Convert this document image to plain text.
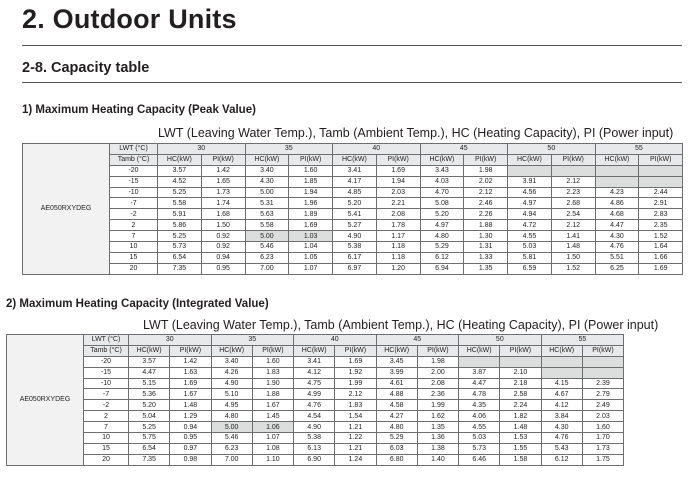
2. Outdoor Units
2-8. Capacity table
1) Maximum Heating Capacity (Peak Value)
LWT (Leaving Water Temp.), Tamb (Ambient Temp.), HC (Heating Capacity), PI (Power input)
AE050RXYDEG	LWT (°C)	30		35		40		45		50		55	
	Tamb (°C)	HC(kW)	PI(kW)	HC(kW)	PI(kW)	HC(kW)	PI(kW)	HC(kW)	PI(kW)	HC(kW)	PI(kW)	HC(kW)	PI(kW)
	-20	3.57	1.42	3.40	1.60	3.41	1.69	3.43	1.98				
	-15	4.52	1.65	4.30	1.85	4.17	1.94	4.03	2.02	3.91	2.12		
	-10	5.25	1.73	5.00	1.94	4.85	2.03	4.70	2.12	4.56	2.23	4.23	2.44
	-7	5.58	1.74	5.31	1.96	5.20	2.21	5.08	2.46	4.97	2.68	4.86	2.91
	-2	5.91	1.68	5.63	1.89	5.41	2.08	5.20	2.26	4.94	2.54	4.68	2.83
	2	5.86	1.50	5.58	1.69	5.27	1.78	4.97	1.88	4.72	2.12	4.47	2.35
	7	5.25	0.92	5.00	1.03	4.90	1.17	4.80	1.30	4.55	1.41	4.30	1.52
	10	5.73	0.92	5.46	1.04	5.38	1.18	5.29	1.31	5.03	1.48	4.76	1.64
	15	6.54	0.94	6.23	1.05	6.17	1.18	6.12	1.33	5.81	1.50	5.51	1.66
	20	7.35	0.95	7.00	1.07	6.97	1.20	6.94	1.35	6.59	1.52	6.25	1.69
2) Maximum Heating Capacity (Integrated Value)
LWT (Leaving Water Temp.), Tamb (Ambient Temp.), HC (Heating Capacity), PI (Power input)
AE050RXYDEG	LWT (°C)	30		35		40		45		50		55	
	Tamb (°C)	HC(kW)	PI(kW)	HC(kW)	PI(kW)	HC(kW)	PI(kW)	HC(kW)	PI(kW)	HC(kW)	PI(kW)	HC(kW)	PI(kW)
	-20	3.57	1.42	3.40	1.60	3.41	1.69	3.45	1.98				
	-15	4.47	1.63	4.26	1.83	4.12	1.92	3.99	2.00	3.87	2.10		
	-10	5.15	1.69	4.90	1.90	4.75	1.99	4.61	2.08	4.47	2.18	4.15	2.39
	-7	5.36	1.67	5.10	1.88	4.99	2.12	4.88	2.36	4.78	2.58	4.67	2.79
	-2	5.20	1.48	4.95	1.67	4.76	1.83	4.58	1.99	4.35	2.24	4.12	2.49
	2	5.04	1.29	4.80	1.45	4.54	1.54	4.27	1.62	4.06	1.82	3.84	2.03
	7	5.25	0.94	5.00	1.06	4.90	1.21	4.80	1.35	4.55	1.48	4.30	1.60
	10	5.75	0.95	5.46	1.07	5.38	1.22	5.29	1.36	5.03	1.53	4.76	1.70
	15	6.54	0.97	6.23	1.08	6.13	1.21	6.03	1.38	5.73	1.55	5.43	1.73
	20	7.35	0.98	7.00	1.10	6.90	1.24	6.80	1.40	6.46	1.58	6.12	1.75
